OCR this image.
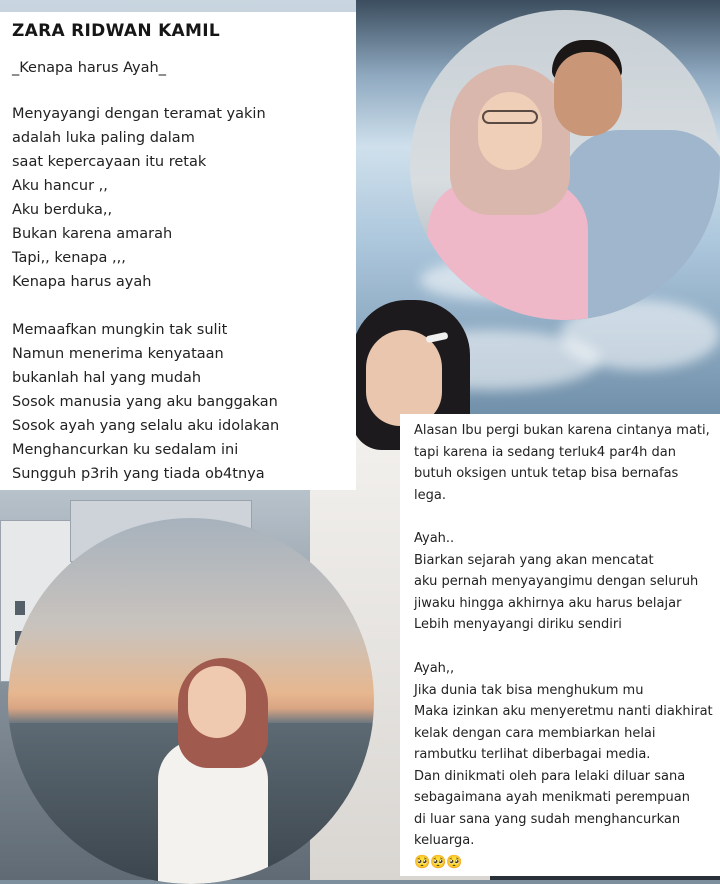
ZARA RIDWAN KAMIL
_Kenapa harus Ayah_
Menyayangi dengan teramat yakin
adalah luka paling dalam
saat kepercayaan itu retak
Aku hancur ,,
Aku berduka,,
Bukan karena amarah
Tapi,, kenapa ,,,
Kenapa harus ayah
Memaafkan mungkin tak sulit
Namun menerima kenyataan
bukanlah hal yang mudah
Sosok manusia yang aku banggakan
Sosok ayah yang selalu aku idolakan
Menghancurkan ku sedalam ini
Sungguh p3rih yang tiada ob4tnya
Alasan Ibu pergi bukan karena cintanya mati,
tapi karena ia sedang terluk4 par4h dan
butuh oksigen untuk tetap bisa bernafas
lega.
Ayah..
Biarkan sejarah yang akan mencatat
aku pernah menyayangimu dengan seluruh
jiwaku hingga akhirnya aku harus belajar
Lebih menyayangi diriku sendiri
Ayah,,
Jika dunia tak bisa menghukum mu
Maka izinkan aku menyeretmu nanti diakhirat
kelak dengan cara membiarkan helai
rambutku terlihat diberbagai media.
Dan dinikmati oleh para lelaki diluar sana
sebagaimana ayah menikmati perempuan
di luar sana yang sudah menghancurkan
keluarga.
🥺🥺🥺
